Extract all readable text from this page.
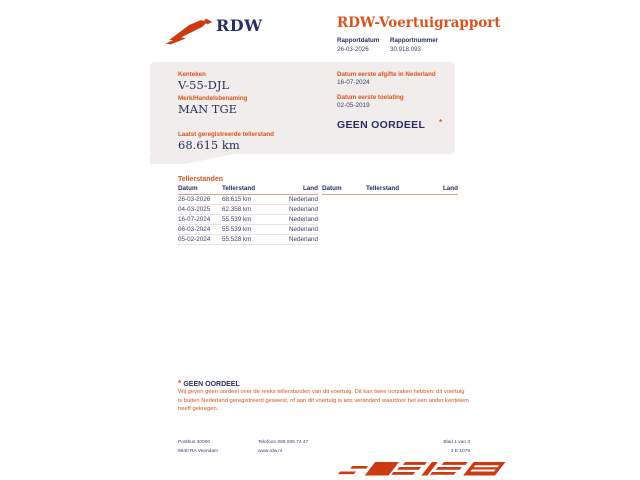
RDW	RDW-Voertuigrapport
Rapportdatum
26-03-2026
Rapportnummer
30.918.093
Kenteken
V-55-DJL
Merk/Handelsbenaming
MAN TGE
Laatst geregistreerde tellerstand
68.615 km
Datum eerste afgifte in Nederland
16-07-2024
Datum eerste toelating
02-05-2019
GEEN OORDEEL *
Tellerstanden
Datum	Tellerstand	Land
26-03-2026	68.615 km	Nederland
04-03-2025	62.358 km	Nederland
16-07-2024	55.539 km	Nederland
06-03-2024	55.539 km	Nederland
05-02-2024	55.528 km	Nederland
Datum	Tellerstand	Land
* GEEN OORDEEL
Wij geven geen oordeel over de reeks tellerstanden van dit voertuig. Dit kan twee oorzaken hebben: dit voertuig is buiten Nederland geregistreerd geweest, of aan dit voertuig is iets veranderd waardoor het een ander kenteken heeft gekregen.
Postbus 30000
9640 RA Veendam
Telefoon 088 008 74 47
www.rdw.nl
Blad 1 van 3
3 E 1079
